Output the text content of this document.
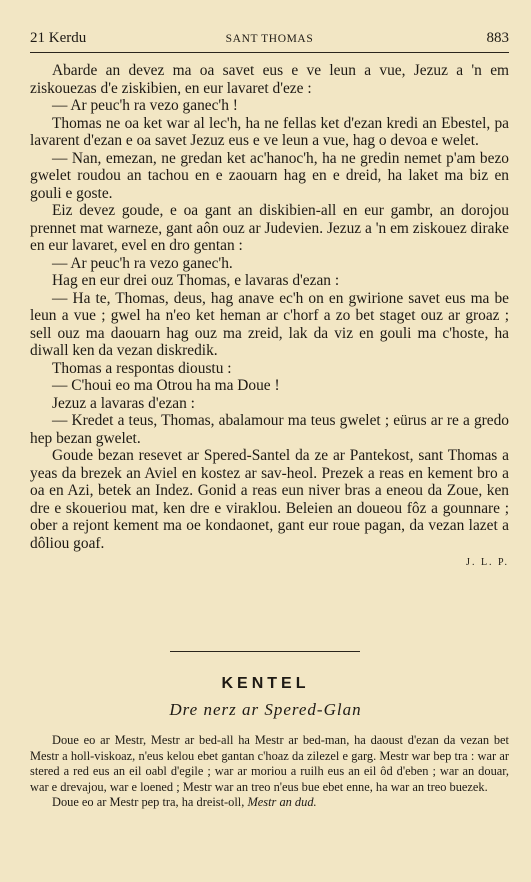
21 Kerdu	SANT THOMAS	883

Abarde an devez ma oa savet eus e ve leun a vue, Jezuz a 'n em ziskouezas d'e ziskibien, en eur lavaret d'eze :

— Ar peuc'h ra vezo ganec'h !

Thomas ne oa ket war al lec'h, ha ne fellas ket d'ezan kredi an Ebestel, pa lavarent d'ezan e oa savet Jezuz eus e ve leun a vue, hag o devoa e welet.

— Nan, emezan, ne gredan ket ac'hanoc'h, ha ne gredin nemet p'am bezo gwelet roudou an tachou en e zaouarn hag en e dreid, ha laket ma biz en gouli e goste.

Eiz devez goude, e oa gant an diskibien-all en eur gambr, an dorojou prennet mat warneze, gant aôn ouz ar Judevien. Jezuz a 'n em ziskouez dirake en eur lavaret, evel en dro gentan :

— Ar peuc'h ra vezo ganec'h.

Hag en eur drei ouz Thomas, e lavaras d'ezan :

— Ha te, Thomas, deus, hag anave ec'h on en gwirione savet eus ma be leun a vue ; gwel ha n'eo ket heman ar c'horf a zo bet staget ouz ar groaz ; sell ouz ma daouarn hag ouz ma zreid, lak da viz en gouli ma c'hoste, ha diwall ken da vezan diskredik.

Thomas a respontas dioustu :

— C'houi eo ma Otrou ha ma Doue !

Jezuz a lavaras d'ezan :

— Kredet a teus, Thomas, abalamour ma teus gwelet ; eürus ar re a gredo hep bezan gwelet.

Goude bezan resevet ar Spered-Santel da ze ar Pantekost, sant Thomas a yeas da brezek an Aviel en kostez ar sav-heol. Prezek a reas en kement bro a oa en Azi, betek an Indez. Gonid a reas eun niver bras a eneou da Zoue, ken dre e skoueriou mat, ken dre e viraklou. Beleien an doueou fôz a gounnare ; ober a rejont kement ma oe kondaonet, gant eur roue pagan, da vezan lazet a dôliou goaf.

J. L. P.
KENTEL
Dre nerz ar Spered-Glan

Doue eo ar Mestr, Mestr ar bed-all ha Mestr ar bed-man, ha daoust d'ezan da vezan bet Mestr a holl-viskoaz, n'eus kelou ebet gantan c'hoaz da zilezel e garg. Mestr war bep tra : war ar stered a red eus an eil oabl d'egile ; war ar moriou a ruilh eus an eil ôd d'eben ; war an douar, war e drevajou, war e loened ; Mestr war an treo n'eus bue ebet enne, ha war an treo buezek.

Doue eo ar Mestr pep tra, ha dreist-oll, Mestr an dud.
